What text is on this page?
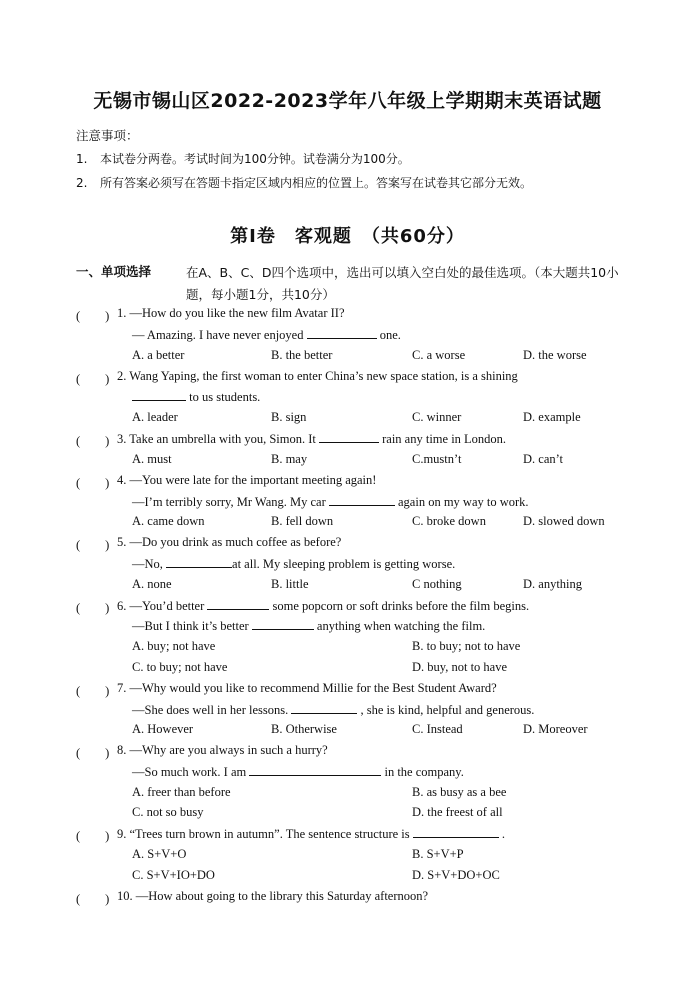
无锡市锡山区2022-2023学年八年级上学期期末英语试题
注意事项：
1. 本试卷分两卷。考试时间为100分钟。试卷满分为100分。
2. 所有答案必须写在答题卡指定区域内相应的位置上。答案写在试卷其它部分无效。
第Ⅰ卷　客观题　（共60分）
一、单项选择	在A、B、C、D四个选项中，选出可以填入空白处的最佳选项。（本大题共10小题，每小题1分，共10分）
(　　) 1. —How do you like the new film Avatar II?
— Amazing. I have never enjoyed	one.
A. a better	B. the better	C. a worse	D. the worse
(　　) 2. Wang Yaping, the first woman to enter China’s new space station, is a shining
to us students.
A. leader	B. sign	C. winner	D. example
(　　) 3. Take an umbrella with you, Simon. It	rain any time in London.
A. must	B. may	C.mustn’t	D. can’t
(　　) 4. —You were late for the important meeting again!
—I’m terribly sorry, Mr Wang. My car	again on my way to work.
A. came down	B. fell down	C. broke down	D. slowed down
(　　) 5. —Do you drink as much coffee as before?
—No,	at all. My sleeping problem is getting worse.
A. none	B. little	C nothing	D. anything
(　　) 6. —You’d better	some popcorn or soft drinks before the film begins.
—But I think it’s better	anything when watching the film.
A. buy; not have	B. to buy; not to have
C. to buy; not have	D. buy, not to have
(　　) 7. —Why would you like to recommend Millie for the Best Student Award?
—She does well in her lessons.	, she is kind, helpful and generous.
A. However	B. Otherwise	C. Instead	D. Moreover
(　　) 8. —Why are you always in such a hurry?
—So much work. I am	in the company.
A. freer than before	B. as busy as a bee
C. not so busy	D. the freest of all
(　　) 9. “Trees turn brown in autumn”. The sentence structure is	.
A. S+V+O	B. S+V+P
C. S+V+IO+DO	D. S+V+DO+OC
(　　) 10. —How about going to the library this Saturday afternoon?
